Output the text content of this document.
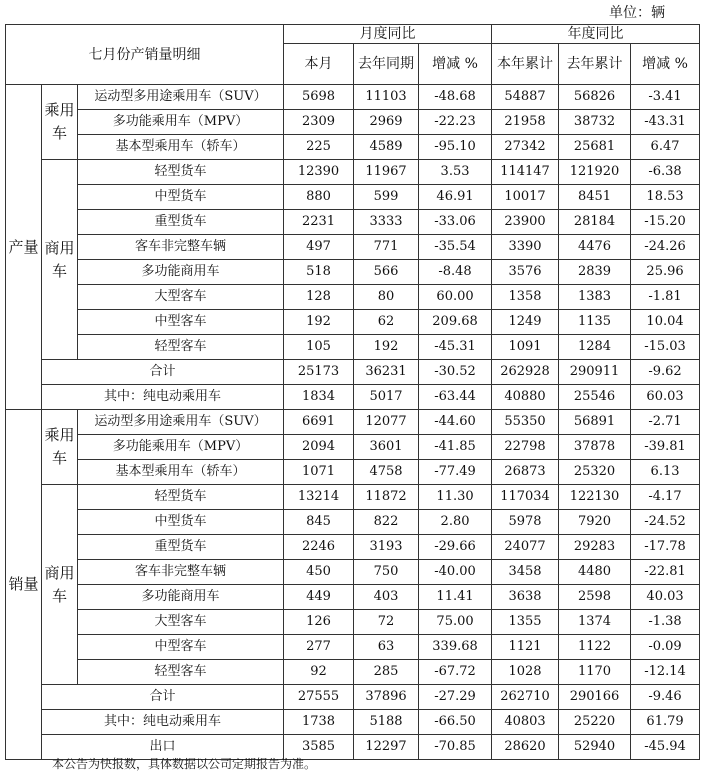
单位：辆
七月份产销量明细			月度同比			年度同比		
			本月	去年同期	增减 %	本年累计	去年累计	增减 %
产量	乘用车	运动型多用途乘用车（SUV）	5698	11103	-48.68	54887	56826	-3.41
		多功能乘用车（MPV）	2309	2969	-22.23	21958	38732	-43.31
		基本型乘用车（轿车）	225	4589	-95.10	27342	25681	6.47
	商用车	轻型货车	12390	11967	3.53	114147	121920	-6.38
		中型货车	880	599	46.91	10017	8451	18.53
		重型货车	2231	3333	-33.06	23900	28184	-15.20
		客车非完整车辆	497	771	-35.54	3390	4476	-24.26
		多功能商用车	518	566	-8.48	3576	2839	25.96
		大型客车	128	80	60.00	1358	1383	-1.81
		中型客车	192	62	209.68	1249	1135	10.04
		轻型客车	105	192	-45.31	1091	1284	-15.03
	合计		25173	36231	-30.52	262928	290911	-9.62
	其中：纯电动乘用车		1834	5017	-63.44	40880	25546	60.03
销量	乘用车	运动型多用途乘用车（SUV）	6691	12077	-44.60	55350	56891	-2.71
		多功能乘用车（MPV）	2094	3601	-41.85	22798	37878	-39.81
		基本型乘用车（轿车）	1071	4758	-77.49	26873	25320	6.13
	商用车	轻型货车	13214	11872	11.30	117034	122130	-4.17
		中型货车	845	822	2.80	5978	7920	-24.52
		重型货车	2246	3193	-29.66	24077	29283	-17.78
		客车非完整车辆	450	750	-40.00	3458	4480	-22.81
		多功能商用车	449	403	11.41	3638	2598	40.03
		大型客车	126	72	75.00	1355	1374	-1.38
		中型客车	277	63	339.68	1121	1122	-0.09
		轻型客车	92	285	-67.72	1028	1170	-12.14
	合计		27555	37896	-27.29	262710	290166	-9.46
	其中：纯电动乘用车		1738	5188	-66.50	40803	25220	61.79
	出口		3585	12297	-70.85	28620	52940	-45.94
本公告为快报数，具体数据以公司定期报告为准。
